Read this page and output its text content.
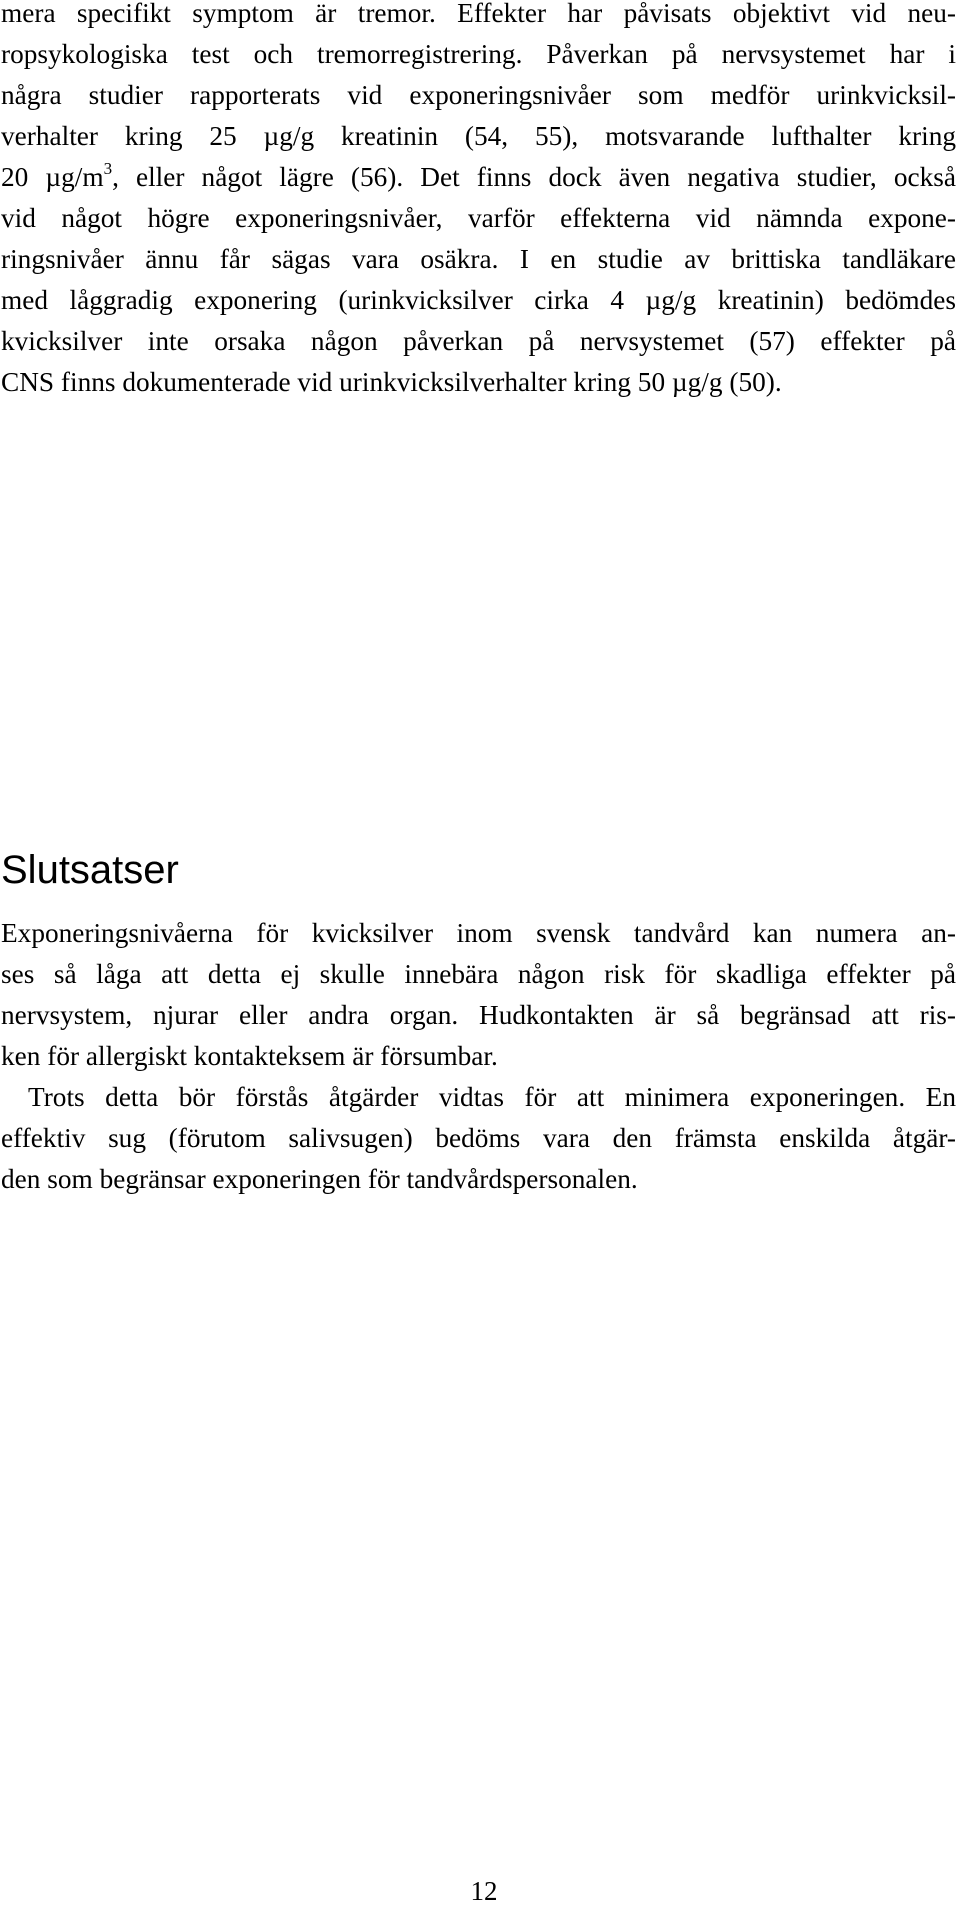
mera specifikt symptom är tremor. Effekter har påvisats objektivt vid neu-
ropsykologiska test och tremorregistrering. Påverkan på nervsystemet har i
några studier rapporterats vid exponeringsnivåer som medför urinkvicksil-
verhalter kring 25 µg/g kreatinin (54, 55), motsvarande lufthalter kring
20 $\mu g/m^3$, eller något lägre (56). Det finns dock även negativa studier, också
vid något högre exponeringsnivåer, varför effekterna vid nämnda expone-
ringsnivåer ännu får sägas vara osäkra. I en studie av brittiska tandläkare
med låggradig exponering (urinkvicksilver cirka 4 µg/g kreatinin) bedömdes
kvicksilver inte orsaka någon påverkan på nervsystemet (57) effekter på
CNS finns dokumenterade vid urinkvicksilverhalter kring 50 µg/g (50).
Slutsatser
Exponeringsnivåerna för kvicksilver inom svensk tandvård kan numera an-
ses så låga att detta ej skulle innebära någon risk för skadliga effekter på
nervsystem, njurar eller andra organ. Hudkontakten är så begränsad att ris-
ken för allergiskt kontakteksem är försumbar.
Trots detta bör förstås åtgärder vidtas för att minimera exponeringen. En
effektiv sug (förutom salivsugen) bedöms vara den främsta enskilda åtgär-
den som begränsar exponeringen för tandvårdspersonalen.
12
